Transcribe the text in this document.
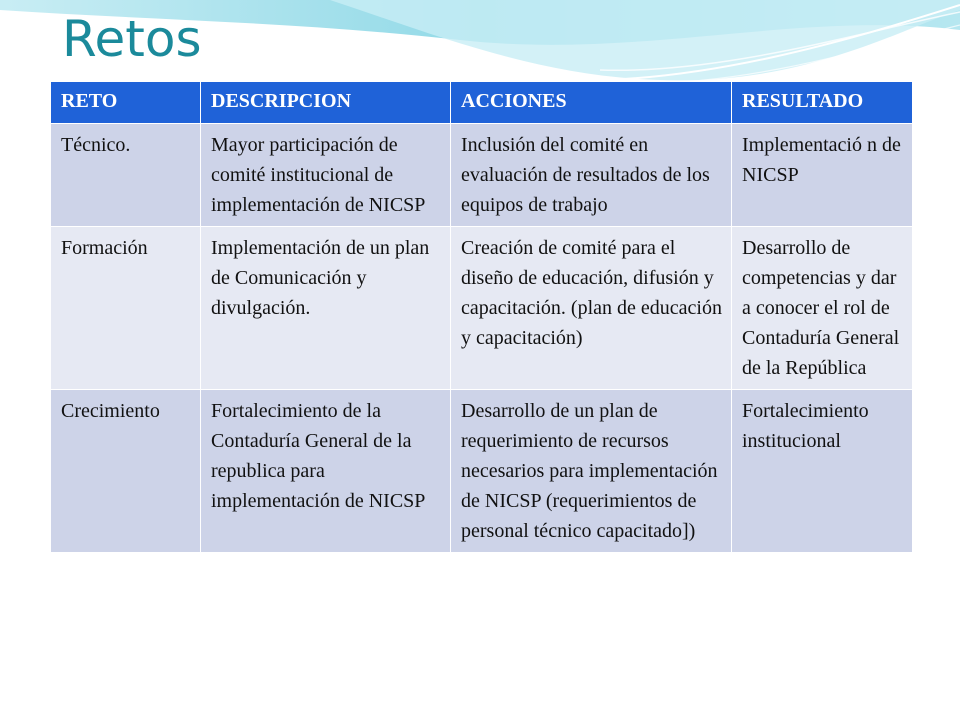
Retos
RETO	DESCRIPCION	ACCIONES	RESULTADO
Técnico.	Mayor participación de comité institucional de implementación de NICSP	Inclusión del comité en evaluación de resultados de los equipos de trabajo	Implementació n de NICSP
Formación	Implementación de un plan de Comunicación y divulgación.	Creación de comité para el diseño de educación, difusión y capacitación. (plan de educación y capacitación)	Desarrollo de competencias y dar a conocer el rol de Contaduría General de la República
Crecimiento	Fortalecimiento de la Contaduría General de la republica para implementación de NICSP	Desarrollo de un plan de requerimiento de recursos necesarios para implementación de NICSP (requerimientos de personal técnico capacitado])	Fortalecimiento institucional
